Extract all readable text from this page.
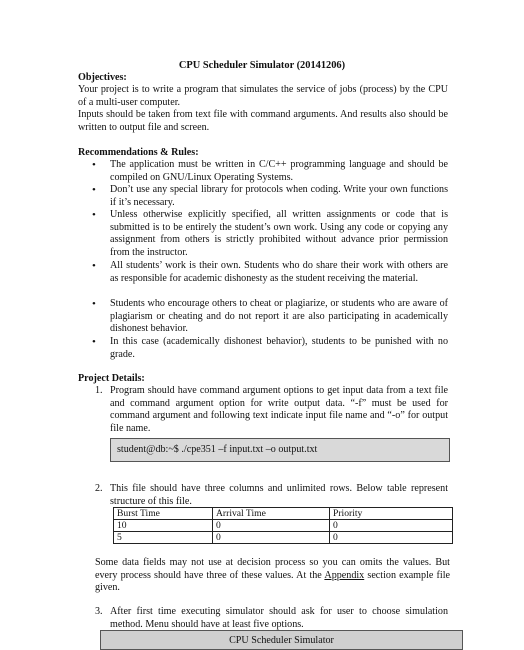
CPU Scheduler Simulator (20141206)
Objectives:
Your project is to write a program that simulates the service of jobs (process) by the CPU of a multi-user computer.
Inputs should be taken from text file with command arguments. And results also should be written to output file and screen.
Recommendations & Rules:
• The application must be written in C/C++ programming language and should be compiled on GNU/Linux Operating Systems.
• Don’t use any special library for protocols when coding. Write your own functions if it’s necessary.
• Unless otherwise explicitly specified, all written assignments or code that is submitted is to be entirely the student’s own work. Using any code or copying any assignment from others is strictly prohibited without advance prior permission from the instructor.
• All students’ work is their own. Students who do share their work with others are as responsible for academic dishonesty as the student receiving the material.
• Students who encourage others to cheat or plagiarize, or students who are aware of plagiarism or cheating and do not report it are also participating in academically dishonest behavior.
• In this case (academically dishonest behavior), students to be punished with no grade.
Project Details:
1. Program should have command argument options to get input data from a text file and command argument option for write output data. “-f” must be used for command argument and following text indicate input file name and “-o” for output file name.
student@db:~$ ./cpe351 –f input.txt –o output.txt
2. This file should have three columns and unlimited rows. Below table represent structure of this file.
Burst Time	Arrival Time	Priority
10	0	0
5	0	0
Some data fields may not use at decision process so you can omits the values. But every process should have three of these values. At the Appendix section example file given.
3. After first time executing simulator should ask for user to choose simulation method. Menu should have at least five options.
CPU Scheduler Simulator
